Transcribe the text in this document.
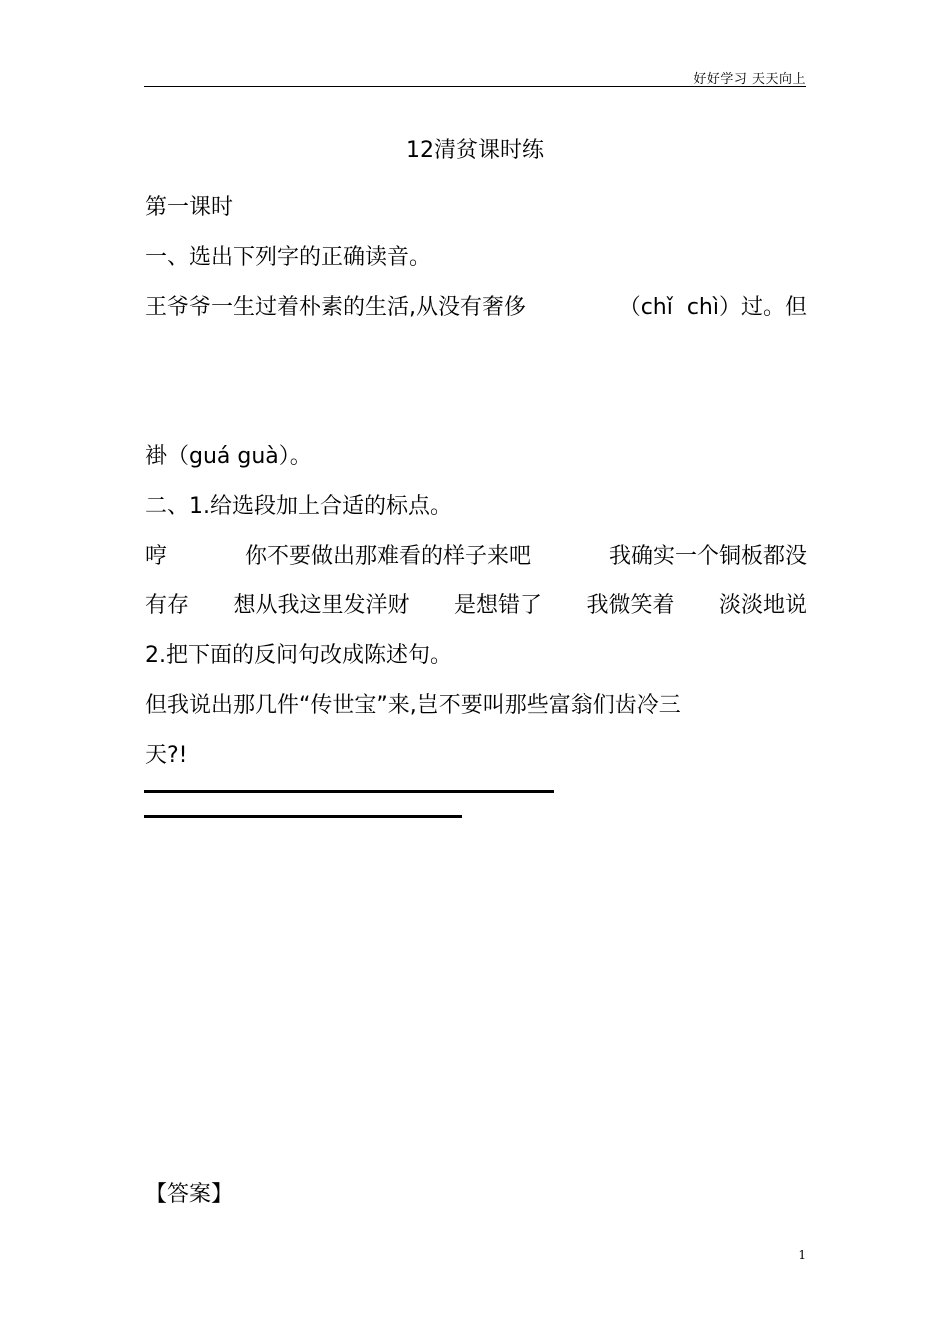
好好学习 天天向上
12清贫课时练
第一课时
一、选出下列字的正确读音。
王爷爷一生过着朴素的生活,从没有奢侈	（chǐ  chì）过。但

褂（guá guà）。
二、1.给选段加上合适的标点。
哼	你不要做出那难看的样子来吧	我确实一个铜板都没
有存 想从我这里发洋财 是想错了 我微笑着 淡淡地说
2.把下面的反问句改成陈述句。
但我说出那几件“传世宝”来,岂不要叫那些富翁们齿冷三
天?!
【答案】
1
